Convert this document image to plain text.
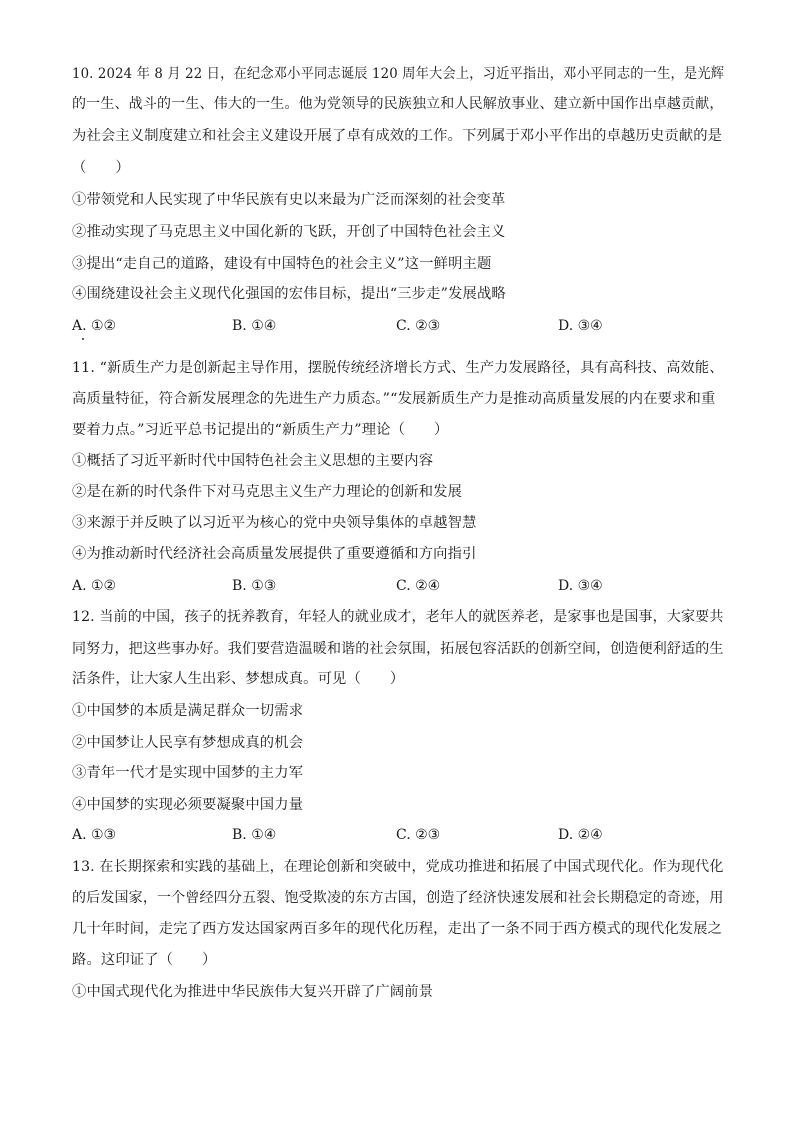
10. 2024 年 8 月 22 日，在纪念邓小平同志诞辰 120 周年大会上，习近平指出，邓小平同志的一生，是光辉
的一生、战斗的一生、伟大的一生。他为党领导的民族独立和人民解放事业、建立新中国作出卓越贡献，
为社会主义制度建立和社会主义建设开展了卓有成效的工作。下列属于邓小平作出的卓越历史贡献的是
（　　）
①带领党和人民实现了中华民族有史以来最为广泛而深刻的社会变革
②推动实现了马克思主义中国化新的飞跃，开创了中国特色社会主义
③提出“走自己的道路，建设有中国特色的社会主义”这一鲜明主题
④围绕建设社会主义现代化强国的宏伟目标，提出“三步走”发展战略
A. ①②	B. ①④	C. ②③	D. ③④
11. “新质生产力是创新起主导作用，摆脱传统经济增长方式、生产力发展路径，具有高科技、高效能、
高质量特征，符合新发展理念的先进生产力质态。”“发展新质生产力是推动高质量发展的内在要求和重
要着力点。”习近平总书记提出的“新质生产力”理论（　　）
①概括了习近平新时代中国特色社会主义思想的主要内容
②是在新的时代条件下对马克思主义生产力理论的创新和发展
③来源于并反映了以习近平为核心的党中央领导集体的卓越智慧
④为推动新时代经济社会高质量发展提供了重要遵循和方向指引
A. ①②	B. ①③	C. ②④	D. ③④
12. 当前的中国，孩子的抚养教育，年轻人的就业成才，老年人的就医养老，是家事也是国事，大家要共
同努力，把这些事办好。我们要营造温暖和谐的社会氛围，拓展包容活跃的创新空间，创造便利舒适的生
活条件，让大家人生出彩、梦想成真。可见（　　）
①中国梦的本质是满足群众一切需求
②中国梦让人民享有梦想成真的机会
③青年一代才是实现中国梦的主力军
④中国梦的实现必须要凝聚中国力量
A. ①③	B. ①④	C. ②③	D. ②④
13. 在长期探索和实践的基础上，在理论创新和突破中，党成功推进和拓展了中国式现代化。作为现代化
的后发国家，一个曾经四分五裂、饱受欺凌的东方古国，创造了经济快速发展和社会长期稳定的奇迹，用
几十年时间，走完了西方发达国家两百多年的现代化历程，走出了一条不同于西方模式的现代化发展之
路。这印证了（　　）
①中国式现代化为推进中华民族伟大复兴开辟了广阔前景
